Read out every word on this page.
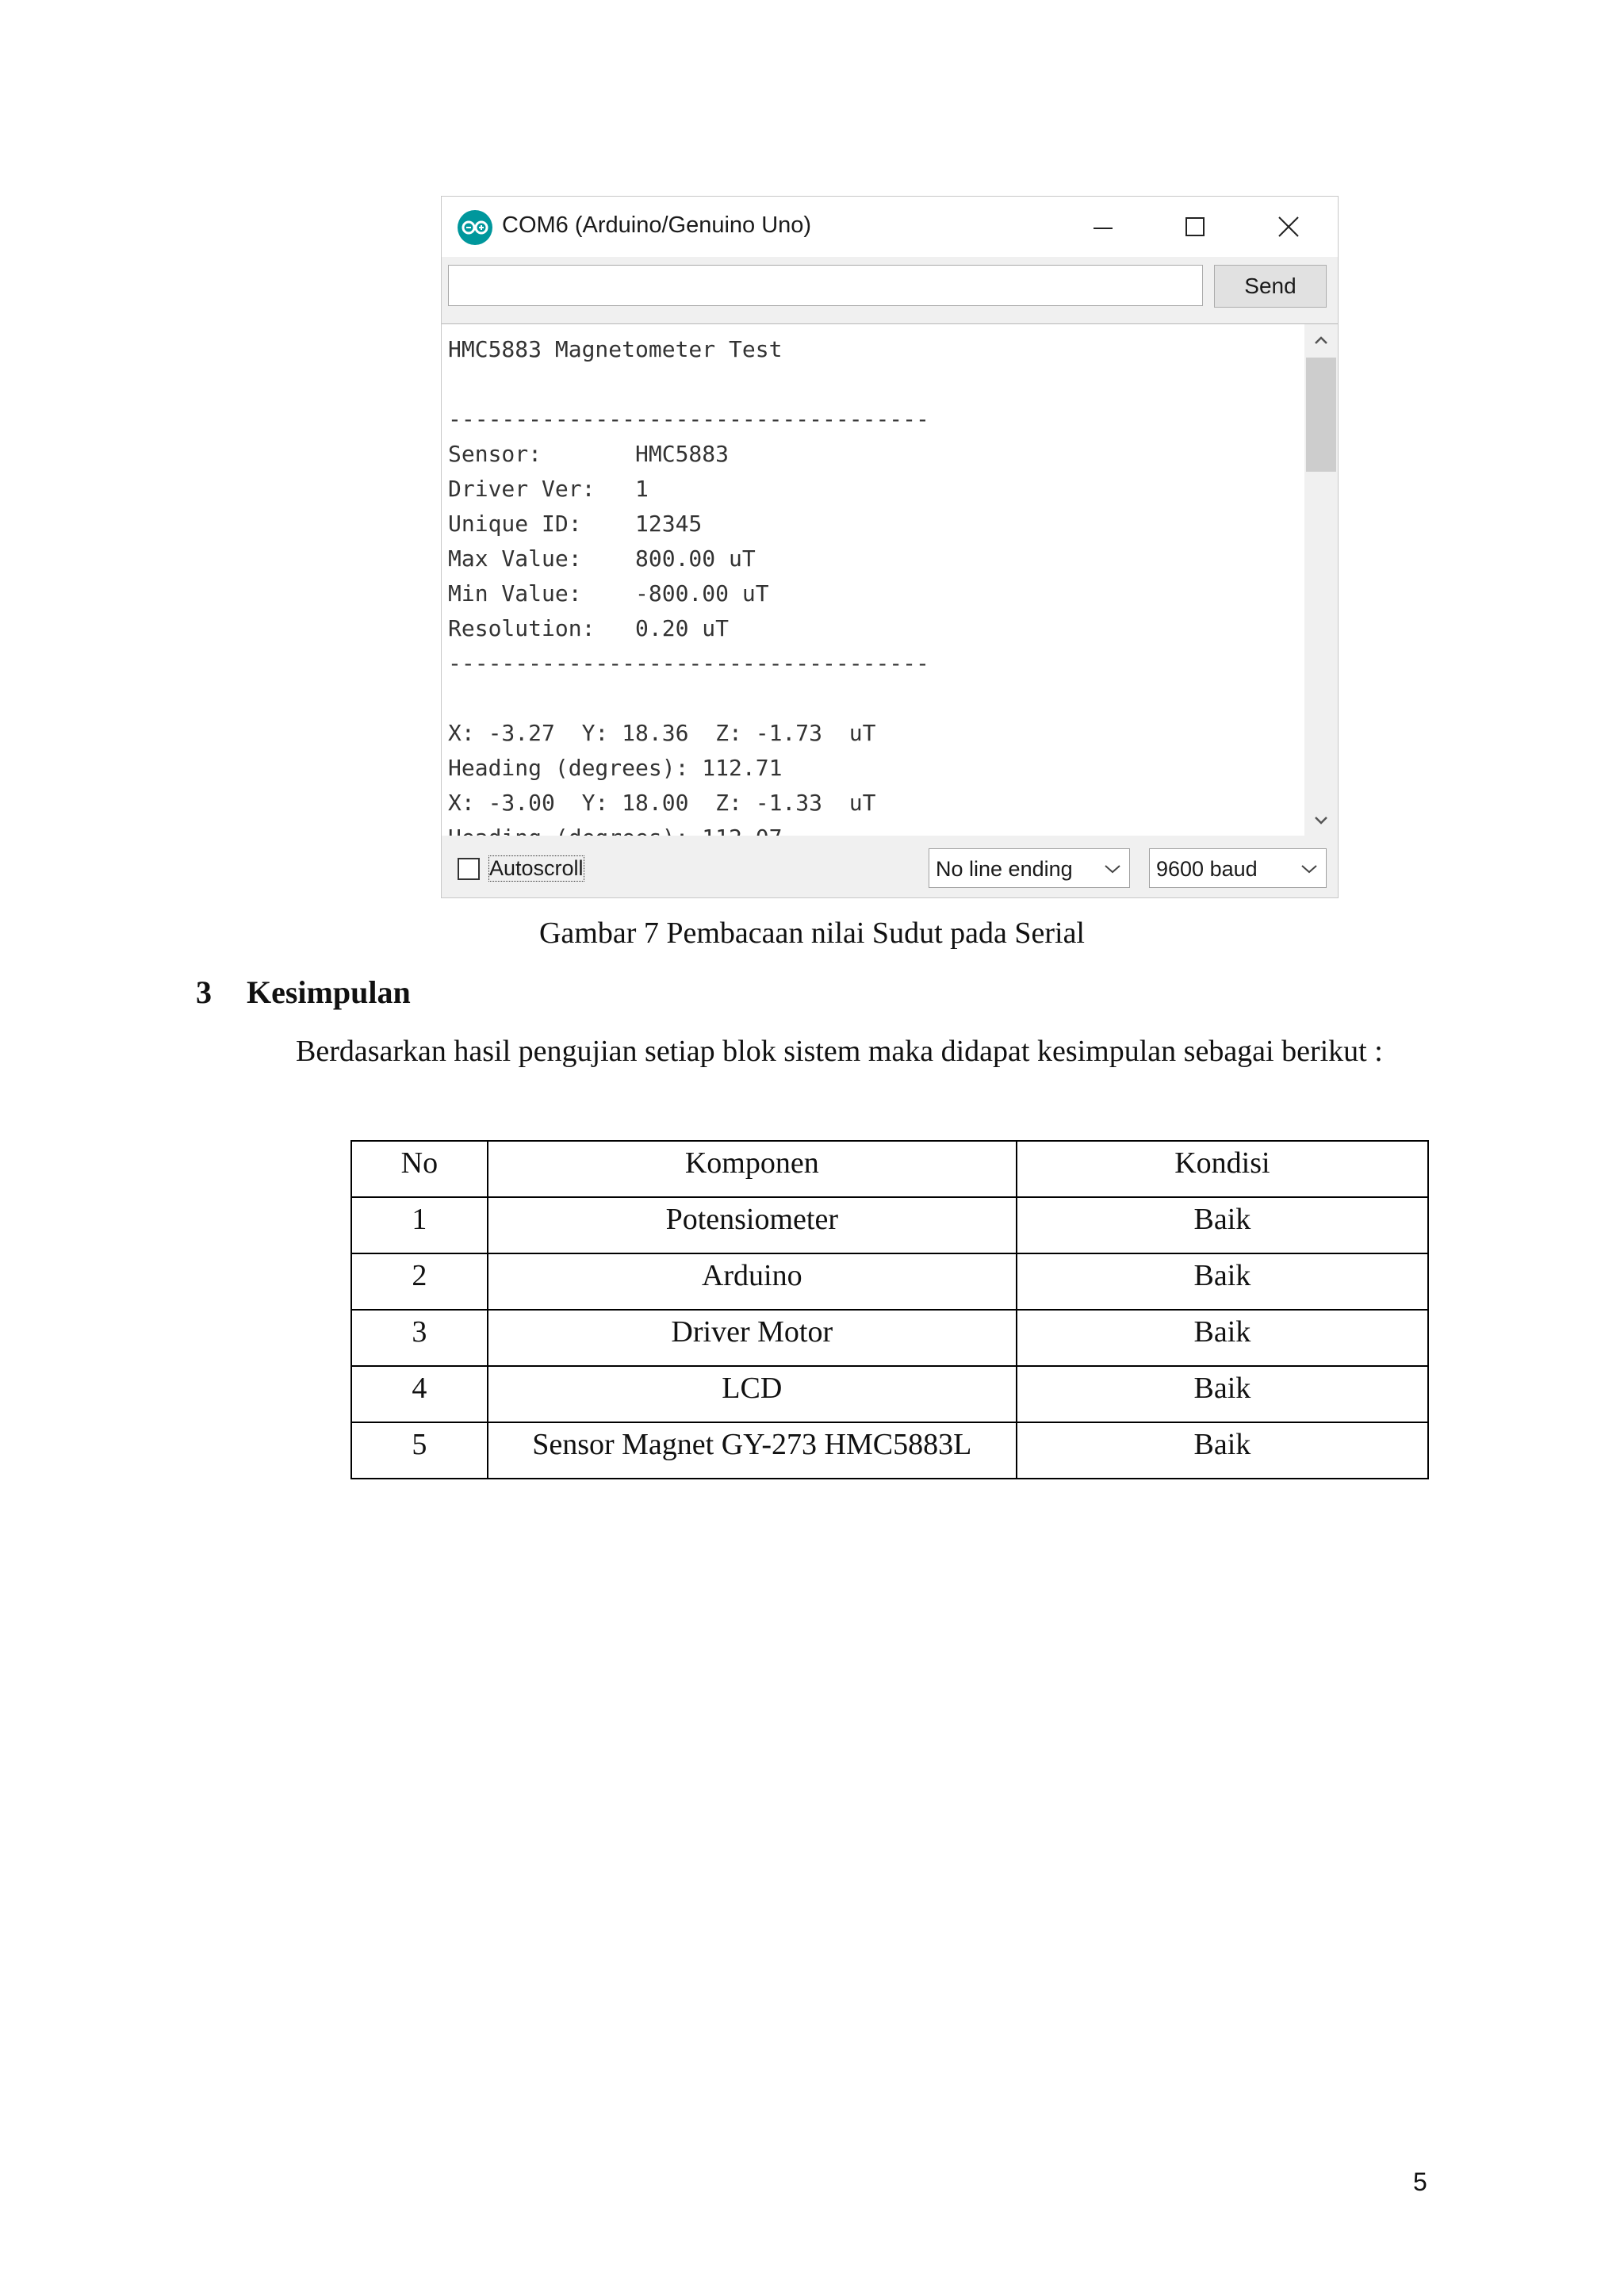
COM6 (Arduino/Genuino Uno)
Send
HMC5883 Magnetometer Test

------------------------------------
Sensor:       HMC5883
Driver Ver:   1
Unique ID:    12345
Max Value:    800.00 uT
Min Value:    -800.00 uT
Resolution:   0.20 uT
------------------------------------

X: -3.27  Y: 18.36  Z: -1.73  uT
Heading (degrees): 112.71
X: -3.00  Y: 18.00  Z: -1.33  uT

Autoscroll	No line ending	9600 baud
Gambar 7 Pembacaan nilai Sudut pada Serial
3 Kesimpulan
Berdasarkan hasil pengujian setiap blok sistem maka didapat kesimpulan sebagai berikut :
No	Komponen	Kondisi
1	Potensiometer	Baik
2	Arduino	Baik
3	Driver Motor	Baik
4	LCD	Baik
5	Sensor Magnet GY-273 HMC5883L	Baik
5
